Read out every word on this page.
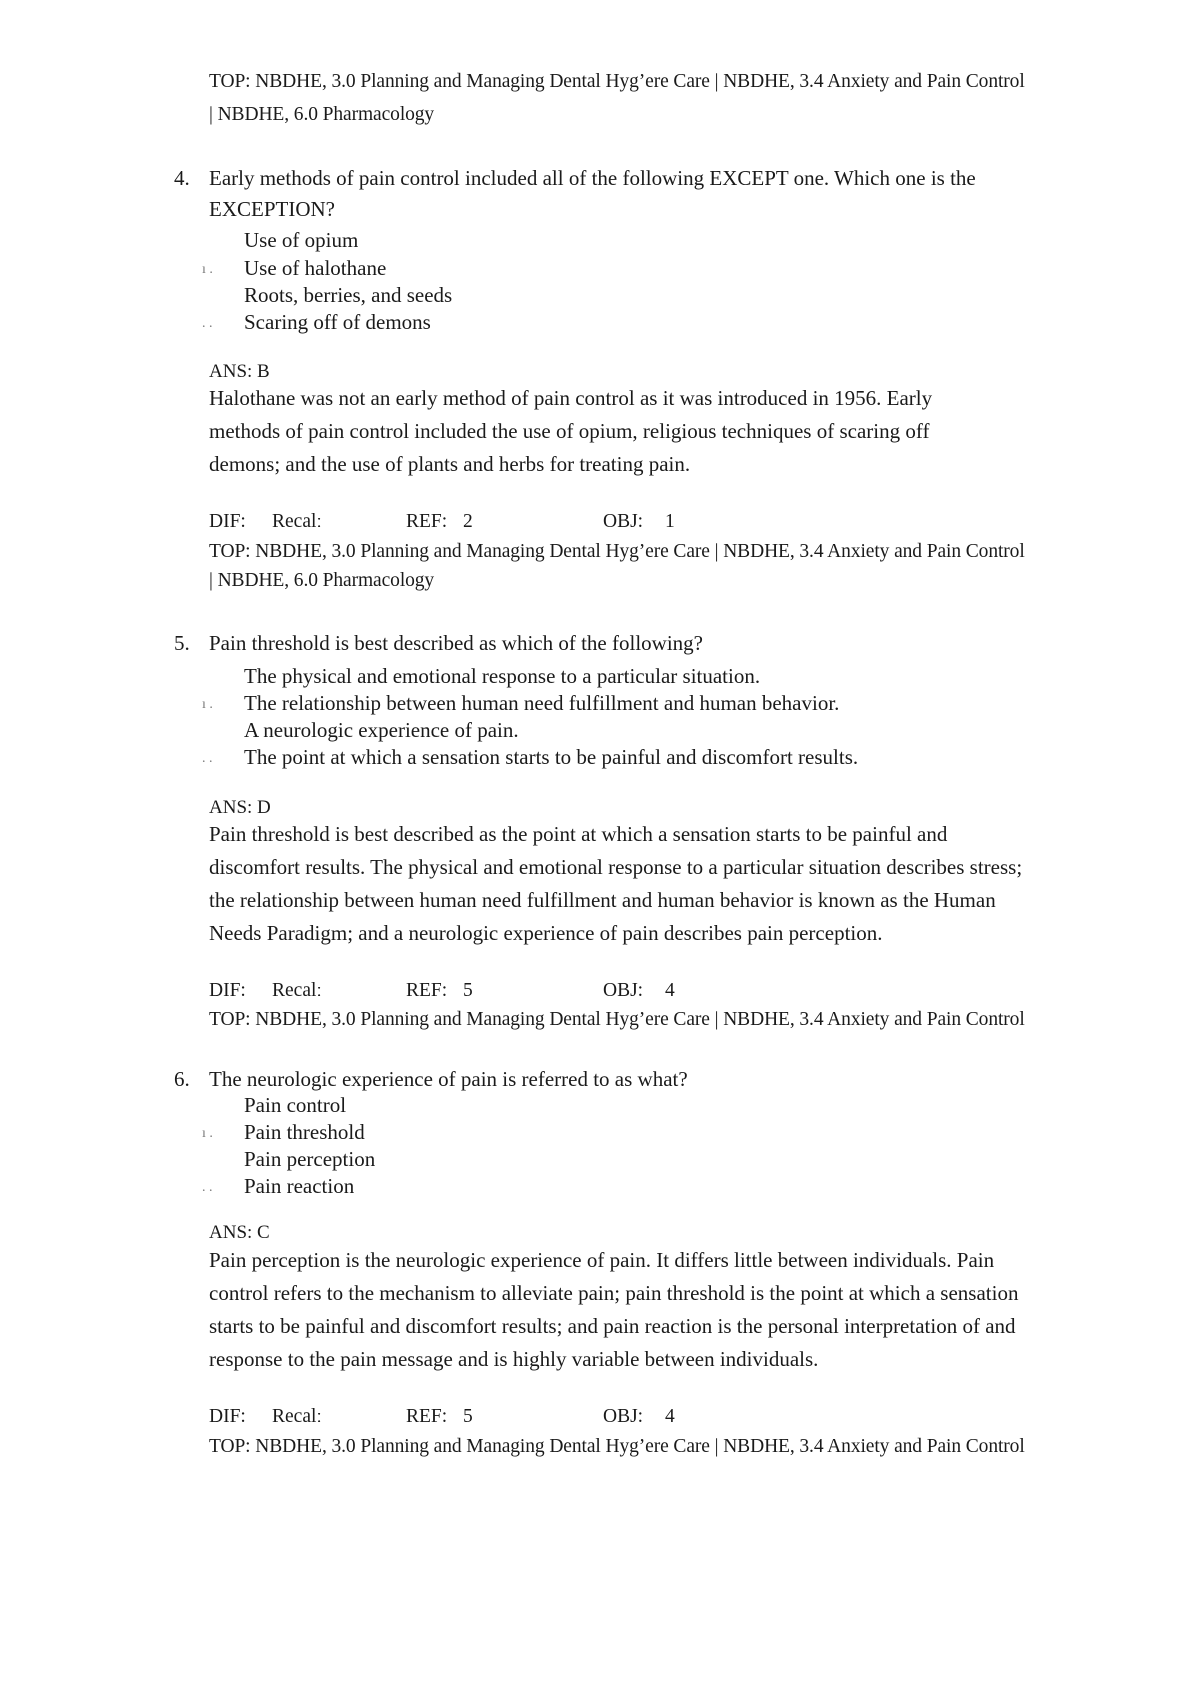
TOP: NBDHE, 3.0 Planning and Managing Dental Hyg’ere Care | NBDHE, 3.4 Anxiety and Pain Control
| NBDHE, 6.0 Pharmacology
4. Early methods of pain control included all of the following EXCEPT one. Which one is the
EXCEPTION?
Use of opium
ı . Use of halothane
Roots, berries, and seeds
. . Scaring off of demons
ANS: B
Halothane was not an early method of pain control as it was introduced in 1956. Early
methods of pain control included the use of opium, religious techniques of scaring off
demons; and the use of plants and herbs for treating pain.
DIF: Recalː	REF: 2	OBJ: 1
TOP: NBDHE, 3.0 Planning and Managing Dental Hyg’ere Care | NBDHE, 3.4 Anxiety and Pain Control
| NBDHE, 6.0 Pharmacology
5. Pain threshold is best described as which of the following?
The physical and emotional response to a particular situation.
ı . The relationship between human need fulfillment and human behavior.
A neurologic experience of pain.
. . The point at which a sensation starts to be painful and discomfort results.
ANS: D
Pain threshold is best described as the point at which a sensation starts to be painful and
discomfort results. The physical and emotional response to a particular situation describes stress;
the relationship between human need fulfillment and human behavior is known as the Human
Needs Paradigm; and a neurologic experience of pain describes pain perception.
DIF: Recalː	REF: 5	OBJ: 4
TOP: NBDHE, 3.0 Planning and Managing Dental Hyg’ere Care | NBDHE, 3.4 Anxiety and Pain Control
6. The neurologic experience of pain is referred to as what?
Pain control
ı . Pain threshold
Pain perception
. . Pain reaction
ANS: C
Pain perception is the neurologic experience of pain. It differs little between individuals. Pain
control refers to the mechanism to alleviate pain; pain threshold is the point at which a sensation
starts to be painful and discomfort results; and pain reaction is the personal interpretation of and
response to the pain message and is highly variable between individuals.
DIF: Recalː	REF: 5	OBJ: 4
TOP: NBDHE, 3.0 Planning and Managing Dental Hyg’ere Care | NBDHE, 3.4 Anxiety and Pain Control
